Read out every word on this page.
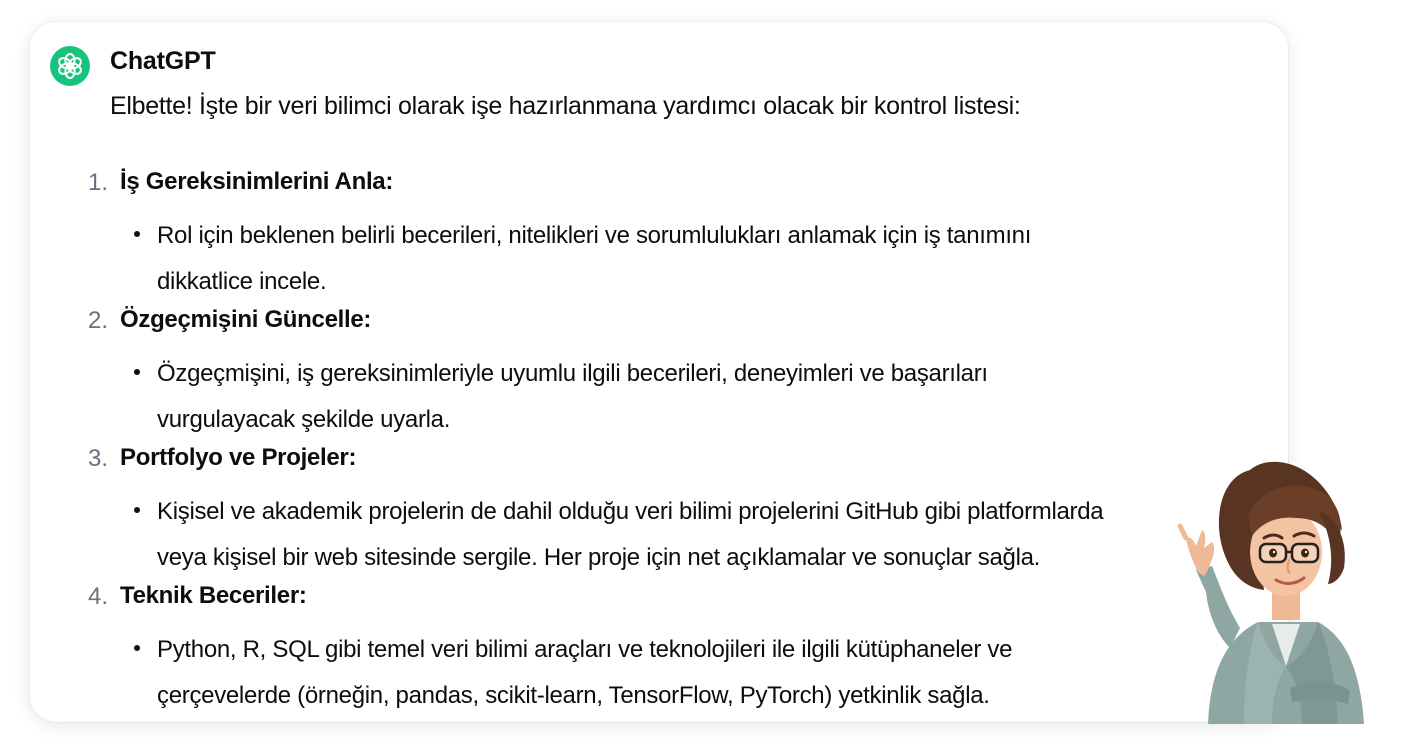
ChatGPT
Elbette! İşte bir veri bilimci olarak işe hazırlanmana yardımcı olacak bir kontrol listesi:
1. İş Gereksinimlerini Anla:
Rol için beklenen belirli becerileri, nitelikleri ve sorumlulukları anlamak için iş tanımını
dikkatlice incele.
2. Özgeçmişini Güncelle:
Özgeçmişini, iş gereksinimleriyle uyumlu ilgili becerileri, deneyimleri ve başarıları
vurgulayacak şekilde uyarla.
3. Portfolyo ve Projeler:
Kişisel ve akademik projelerin de dahil olduğu veri bilimi projelerini GitHub gibi platformlarda
veya kişisel bir web sitesinde sergile. Her proje için net açıklamalar ve sonuçlar sağla.
4. Teknik Beceriler:
Python, R, SQL gibi temel veri bilimi araçları ve teknolojileri ile ilgili kütüphaneler ve
çerçevelerde (örneğin, pandas, scikit-learn, TensorFlow, PyTorch) yetkinlik sağla.
